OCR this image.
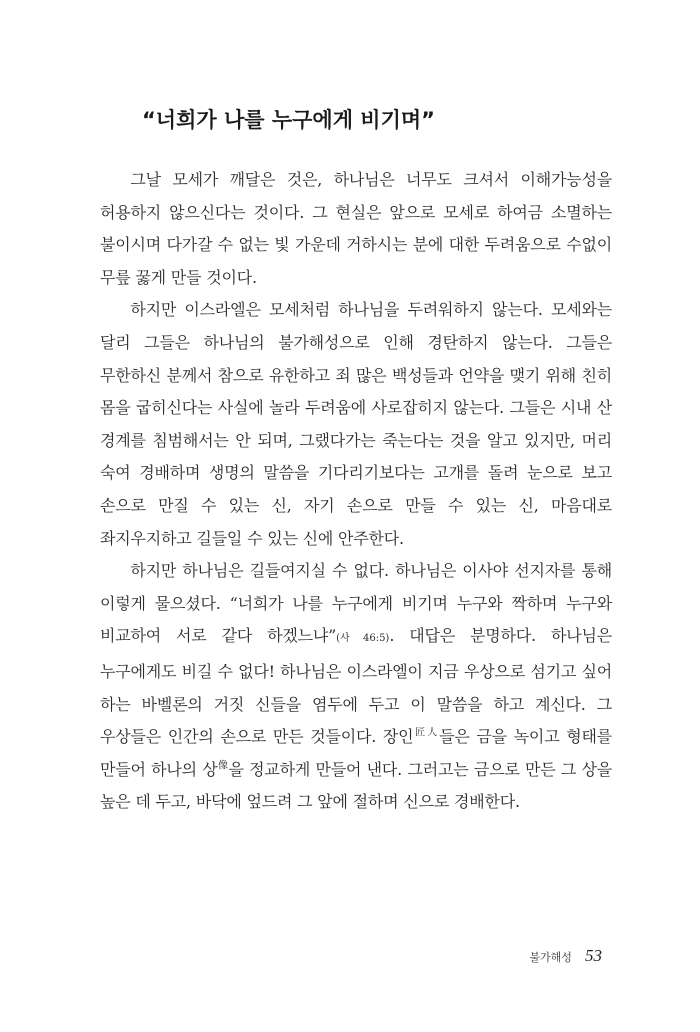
“너희가 나를 누구에게 비기며”

그날 모세가 깨달은 것은, 하나님은 너무도 크셔서 이해가능성을 허용하지 않으신다는 것이다. 그 현실은 앞으로 모세로 하여금 소멸하는 불이시며 다가갈 수 없는 빛 가운데 거하시는 분에 대한 두려움으로 수없이 무릎 꿇게 만들 것이다.

하지만 이스라엘은 모세처럼 하나님을 두려워하지 않는다. 모세와는 달리 그들은 하나님의 불가해성으로 인해 경탄하지 않는다. 그들은 무한하신 분께서 참으로 유한하고 죄 많은 백성들과 언약을 맺기 위해 친히 몸을 굽히신다는 사실에 놀라 두려움에 사로잡히지 않는다. 그들은 시내 산 경계를 침범해서는 안 되며, 그랬다가는 죽는다는 것을 알고 있지만, 머리 숙여 경배하며 생명의 말씀을 기다리기보다는 고개를 돌려 눈으로 보고 손으로 만질 수 있는 신, 자기 손으로 만들 수 있는 신, 마음대로 좌지우지하고 길들일 수 있는 신에 안주한다.

하지만 하나님은 길들여지실 수 없다. 하나님은 이사야 선지자를 통해 이렇게 물으셨다. “너희가 나를 누구에게 비기며 누구와 짝하며 누구와 비교하여 서로 같다 하겠느냐”(사 46:5). 대답은 분명하다. 하나님은 누구에게도 비길 수 없다! 하나님은 이스라엘이 지금 우상으로 섬기고 싶어 하는 바벨론의 거짓 신들을 염두에 두고 이 말씀을 하고 계신다. 그 우상들은 인간의 손으로 만든 것들이다. 장인$^{匠人}$들은 금을 녹이고 형태를 만들어 하나의 상$^像$을 정교하게 만들어 낸다. 그러고는 금으로 만든 그 상을 높은 데 두고, 바닥에 엎드려 그 앞에 절하며 신으로 경배한다.

불가해성 53
